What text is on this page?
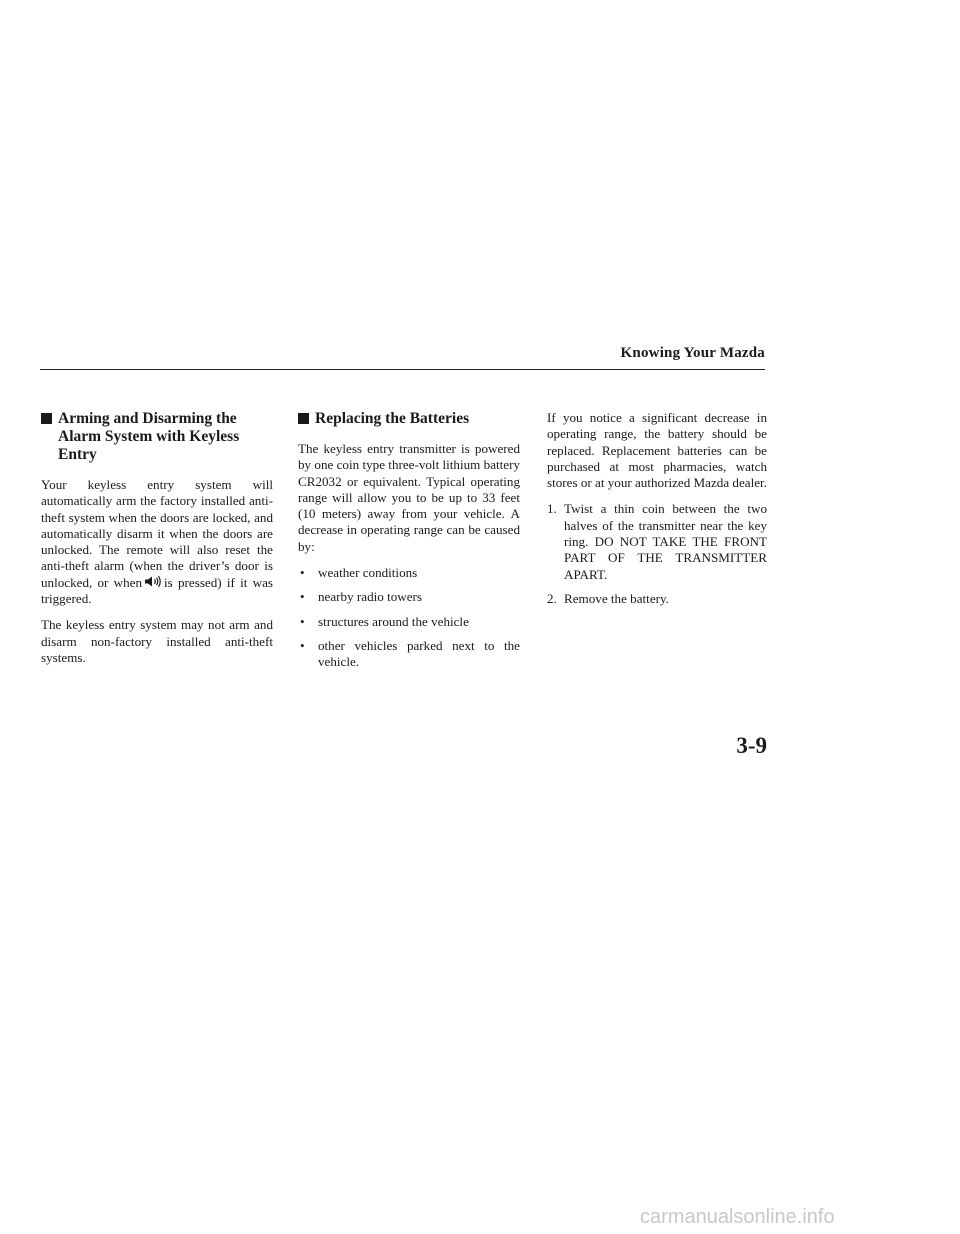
Knowing Your Mazda
Arming and Disarming the Alarm System with Keyless Entry

Your keyless entry system will automatically arm the factory installed anti-theft system when the doors are locked, and automatically disarm it when the doors are unlocked. The remote will also reset the anti-theft alarm (when the driver’s door is unlocked, or when is pressed) if it was triggered.

The keyless entry system may not arm and disarm non-factory installed anti-theft systems.

Replacing the Batteries

The keyless entry transmitter is powered by one coin type three-volt lithium battery CR2032 or equivalent. Typical operating range will allow you to be up to 33 feet (10 meters) away from your vehicle. A decrease in operating range can be caused by:

• weather conditions
• nearby radio towers
• structures around the vehicle
• other vehicles parked next to the vehicle.

If you notice a significant decrease in operating range, the battery should be replaced. Replacement batteries can be purchased at most pharmacies, watch stores or at your authorized Mazda dealer.

1. Twist a thin coin between the two halves of the transmitter near the key ring. DO NOT TAKE THE FRONT PART OF THE TRANSMITTER APART.
2. Remove the battery.
3-9
carmanualsonline.info
